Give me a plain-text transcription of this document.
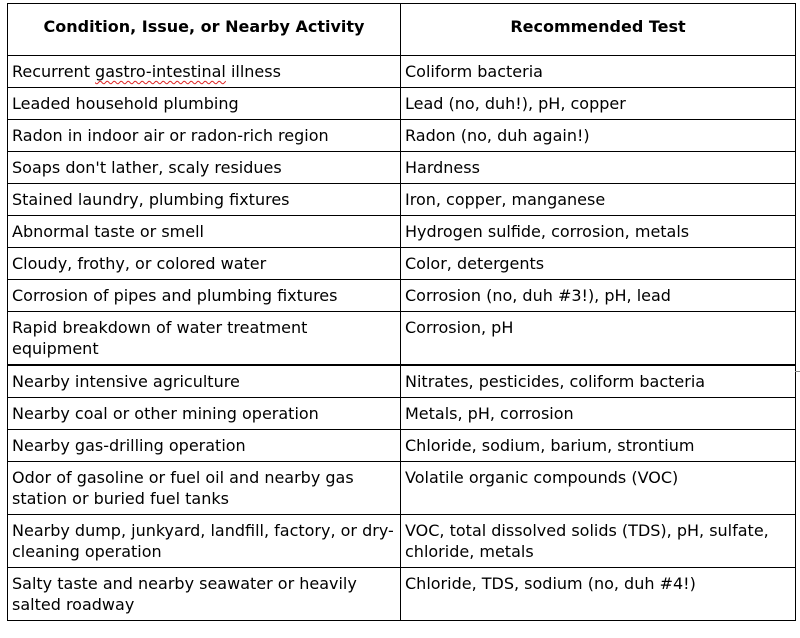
Condition, Issue, or Nearby Activity	Recommended Test
Recurrent gastro-intestinal illness	Coliform bacteria
Leaded household plumbing	Lead (no, duh!), pH, copper
Radon in indoor air or radon-rich region	Radon (no, duh again!)
Soaps don't lather, scaly residues	Hardness
Stained laundry, plumbing fixtures	Iron, copper, manganese
Abnormal taste or smell	Hydrogen sulfide, corrosion, metals
Cloudy, frothy, or colored water	Color, detergents
Corrosion of pipes and plumbing fixtures	Corrosion (no, duh #3!), pH, lead
Rapid breakdown of water treatment equipment	Corrosion, pH
Nearby intensive agriculture	Nitrates, pesticides, coliform bacteria
Nearby coal or other mining operation	Metals, pH, corrosion
Nearby gas-drilling operation	Chloride, sodium, barium, strontium
Odor of gasoline or fuel oil and nearby gas station or buried fuel tanks	Volatile organic compounds (VOC)
Nearby dump, junkyard, landfill, factory, or dry-cleaning operation	VOC, total dissolved solids (TDS), pH, sulfate, chloride, metals
Salty taste and nearby seawater or heavily salted roadway	Chloride, TDS, sodium (no, duh #4!)
